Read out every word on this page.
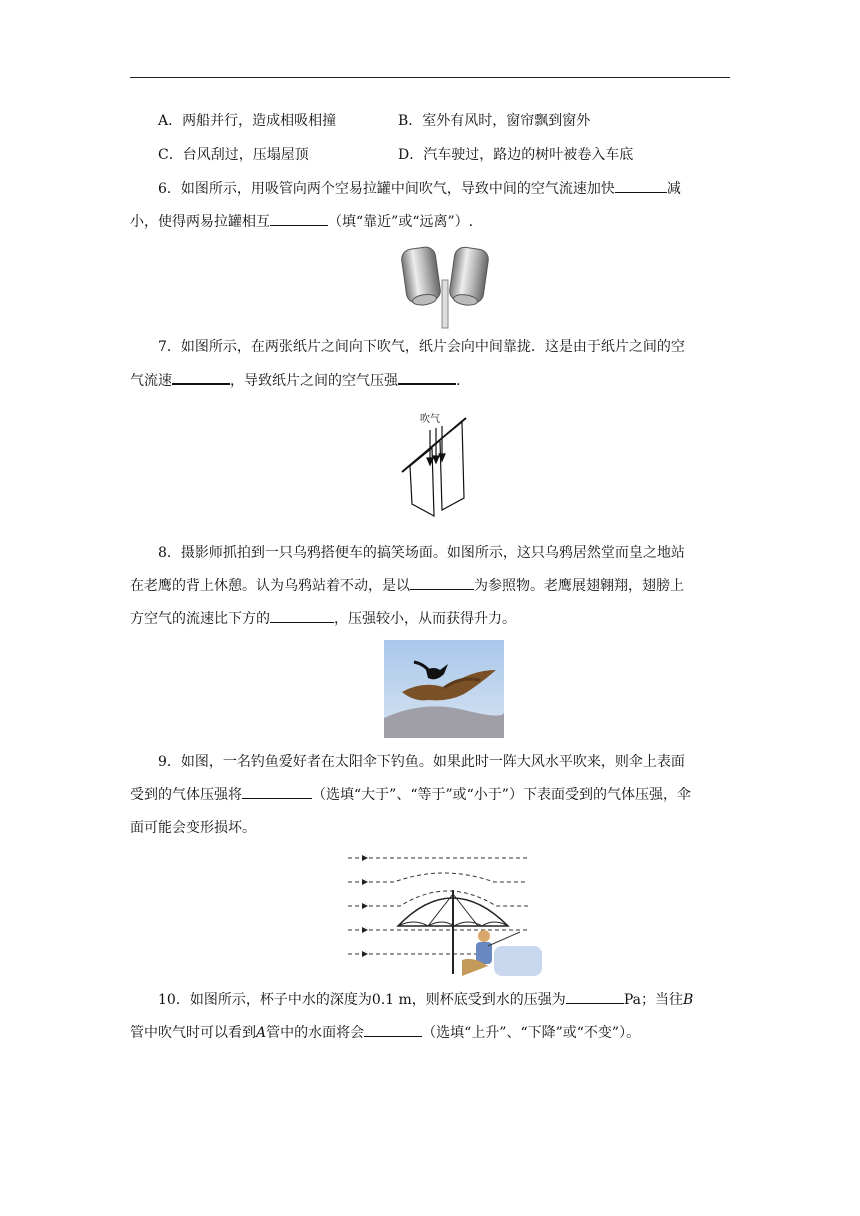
A．两船并行，造成相吸相撞	B．室外有风时，窗帘飘到窗外
C．台风刮过，压塌屋顶	D．汽车驶过，路边的树叶被卷入车底
6．如图所示，用吸管向两个空易拉罐中间吹气，导致中间的空气流速加快	减
小，使得两易拉罐相互	（填“靠近”或“远离”）.
7．如图所示，在两张纸片之间向下吹气，纸片会向中间靠拢．这是由于纸片之间的空
气流速	，导致纸片之间的空气压强	.
吹气
8．摄影师抓拍到一只乌鸦搭便车的搞笑场面。如图所示，这只乌鸦居然堂而皇之地站
在老鹰的背上休憩。认为乌鸦站着不动，是以	为参照物。老鹰展翅翱翔，翅膀上
方空气的流速比下方的	，压强较小，从而获得升力。
9．如图，一名钓鱼爱好者在太阳伞下钓鱼。如果此时一阵大风水平吹来，则伞上表面
受到的气体压强将	（选填“大于”、“等于”或“小于”）下表面受到的气体压强，伞
面可能会变形损坏。
10．如图所示，杯子中水的深度为0.1 m，则杯底受到水的压强为	Pa；当往B
管中吹气时可以看到A管中的水面将会	（选填“上升”、“下降”或“不变”）。
